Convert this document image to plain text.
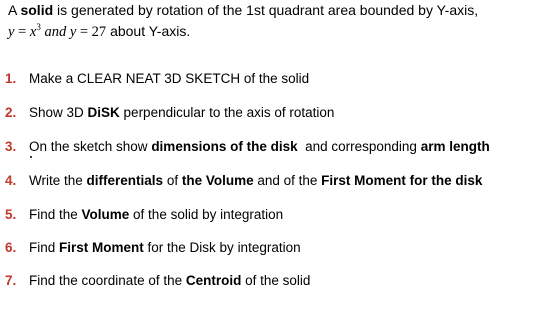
A solid is generated by rotation of the 1st quadrant area bounded by Y-axis,
$y = x^3$ and y = 27 about Y-axis.
1. Make a CLEAR NEAT 3D SKETCH of the solid
2. Show 3D DiSK perpendicular to the axis of rotation
3. On the sketch show dimensions of the disk  and corresponding arm length
4. Write the differentials of the Volume and of the First Moment for the disk
5. Find the Volume of the solid by integration
6. Find First Moment for the Disk by integration
7. Find the coordinate of the Centroid of the solid
